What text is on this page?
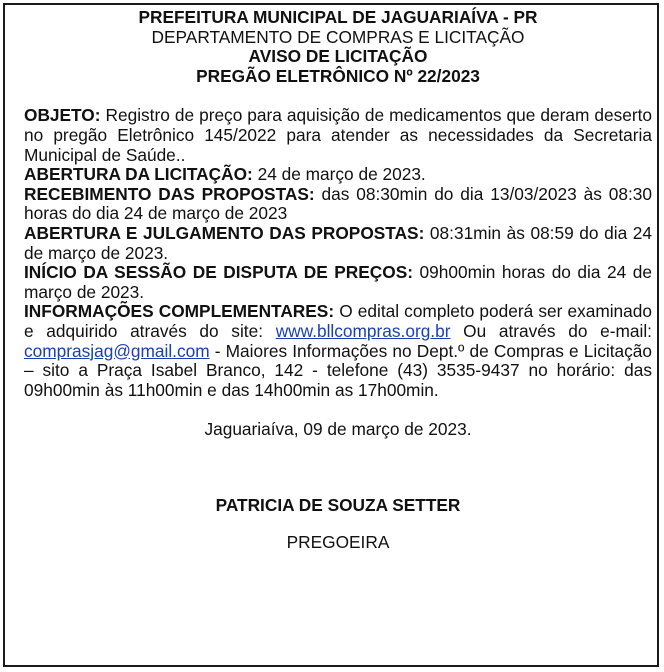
PREFEITURA MUNICIPAL DE JAGUARIAÍVA - PR

DEPARTAMENTO DE COMPRAS E LICITAÇÃO

AVISO DE LICITAÇÃO

PREGÃO ELETRÔNICO Nº 22/2023

OBJETO: Registro de preço para aquisição de medicamentos que deram deserto no pregão Eletrônico 145/2022 para atender as necessidades da Secretaria Municipal de Saúde..

ABERTURA DA LICITAÇÃO: 24 de março de 2023.

RECEBIMENTO DAS PROPOSTAS: das 08:30min do dia 13/03/2023 às 08:30 horas do dia 24 de março de 2023

ABERTURA E JULGAMENTO DAS PROPOSTAS: 08:31min às 08:59 do dia 24 de março de 2023.

INÍCIO DA SESSÃO DE DISPUTA DE PREÇOS: 09h00min horas do dia 24 de março de 2023.

INFORMAÇÕES COMPLEMENTARES: O edital completo poderá ser examinado e adquirido através do site: www.bllcompras.org.br Ou através do e-mail: comprasjag@gmail.com - Maiores Informações no Dept.º de Compras e Licitação – sito a Praça Isabel Branco, 142 - telefone (43) 3535-9437 no horário: das 09h00min às 11h00min e das 14h00min as 17h00min.

Jaguariaíva, 09 de março de 2023.

PATRICIA DE SOUZA SETTER

PREGOEIRA
